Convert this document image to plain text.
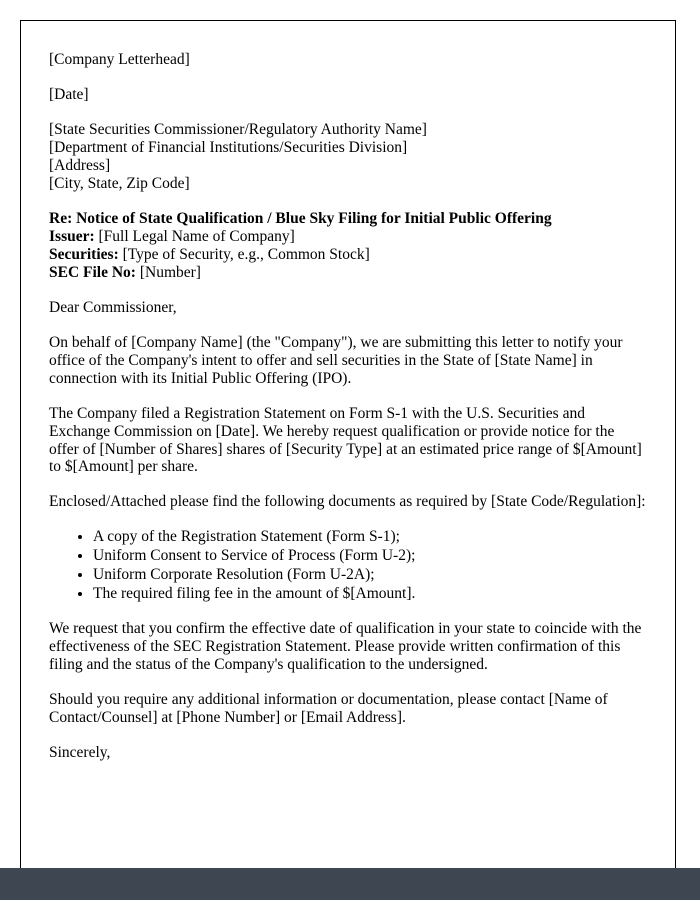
[Company Letterhead]

[Date]

[State Securities Commissioner/Regulatory Authority Name]
[Department of Financial Institutions/Securities Division]
[Address]
[City, State, Zip Code]
Re: Notice of State Qualification / Blue Sky Filing for Initial Public Offering
Issuer: [Full Legal Name of Company]
Securities: [Type of Security, e.g., Common Stock]
SEC File No: [Number]

Dear Commissioner,

On behalf of [Company Name] (the "Company"), we are submitting this letter to notify your office of the Company's intent to offer and sell securities in the State of [State Name] in connection with its Initial Public Offering (IPO).

The Company filed a Registration Statement on Form S-1 with the U.S. Securities and Exchange Commission on [Date]. We hereby request qualification or provide notice for the offer of [Number of Shares] shares of [Security Type] at an estimated price range of $[Amount] to $[Amount] per share.

Enclosed/Attached please find the following documents as required by [State Code/Regulation]:

• A copy of the Registration Statement (Form S-1);
• Uniform Consent to Service of Process (Form U-2);
• Uniform Corporate Resolution (Form U-2A);
• The required filing fee in the amount of $[Amount].

We request that you confirm the effective date of qualification in your state to coincide with the effectiveness of the SEC Registration Statement. Please provide written confirmation of this filing and the status of the Company's qualification to the undersigned.

Should you require any additional information or documentation, please contact [Name of Contact/Counsel] at [Phone Number] or [Email Address].

Sincerely,
